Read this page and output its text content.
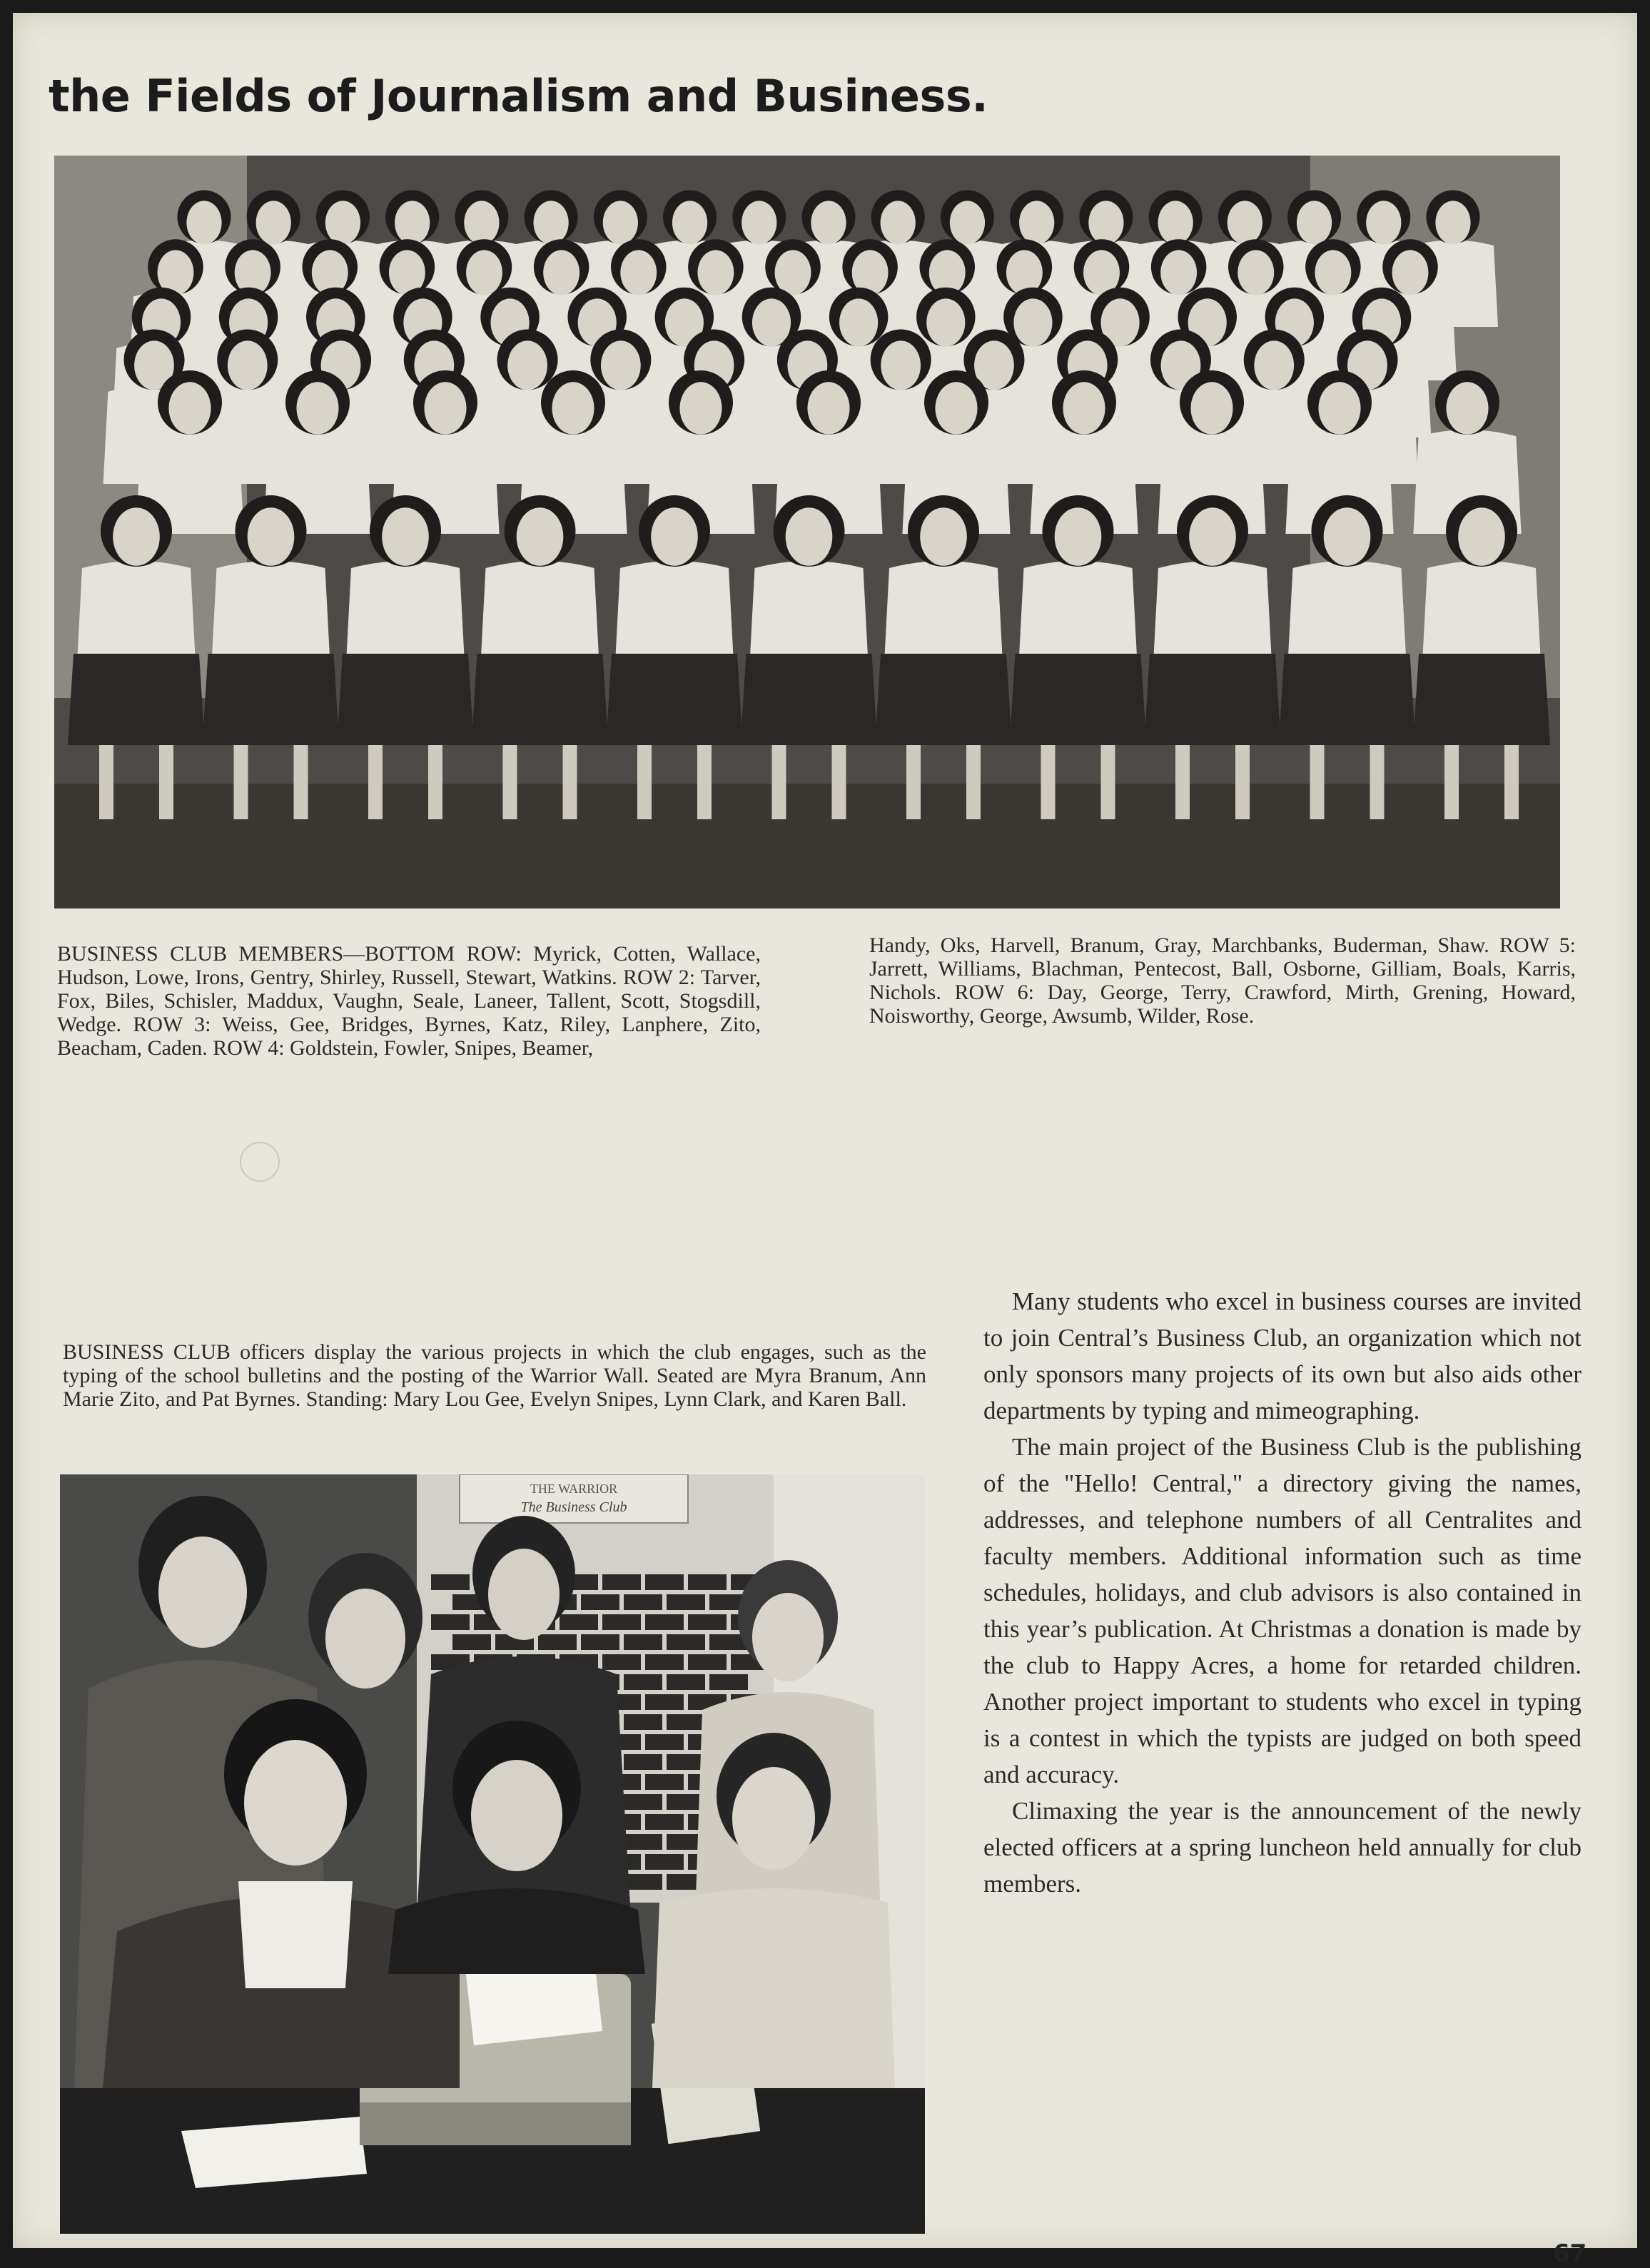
the Fields of Journalism and Business.
BUSINESS CLUB MEMBERS—BOTTOM ROW: Myrick, Cotten, Wallace, Hudson, Lowe, Irons, Gentry, Shirley, Russell, Stewart, Watkins. ROW 2: Tarver, Fox, Biles, Schisler, Maddux, Vaughn, Seale, Laneer, Tallent, Scott, Stogsdill, Wedge. ROW 3: Weiss, Gee, Bridges, Byrnes, Katz, Riley, Lanphere, Zito, Beacham, Caden. ROW 4: Goldstein, Fowler, Snipes, Beamer,
Handy, Oks, Harvell, Branum, Gray, Marchbanks, Buderman, Shaw. ROW 5: Jarrett, Williams, Blachman, Pentecost, Ball, Osborne, Gilliam, Boals, Karris, Nichols. ROW 6: Day, George, Terry, Crawford, Mirth, Grening, Howard, Noisworthy, George, Awsumb, Wilder, Rose.
BUSINESS CLUB officers display the various projects in which the club engages, such as the typing of the school bulletins and the posting of the Warrior Wall. Seated are Myra Branum, Ann Marie Zito, and Pat Byrnes. Standing: Mary Lou Gee, Evelyn Snipes, Lynn Clark, and Karen Ball.
THE WARRIOR
The Business Club

Many students who excel in business courses are invited to join Central’s Business Club, an organization which not only sponsors many projects of its own but also aids other departments by typing and mimeographing.

The main project of the Business Club is the publishing of the "Hello! Central," a directory giving the names, addresses, and telephone numbers of all Centralites and faculty members. Additional information such as time schedules, holidays, and club advisors is also contained in this year’s publication. At Christmas a donation is made by the club to Happy Acres, a home for retarded children. Another project important to students who excel in typing is a contest in which the typists are judged on both speed and accuracy.

Climaxing the year is the announcement of the newly elected officers at a spring luncheon held annually for club members.

67
